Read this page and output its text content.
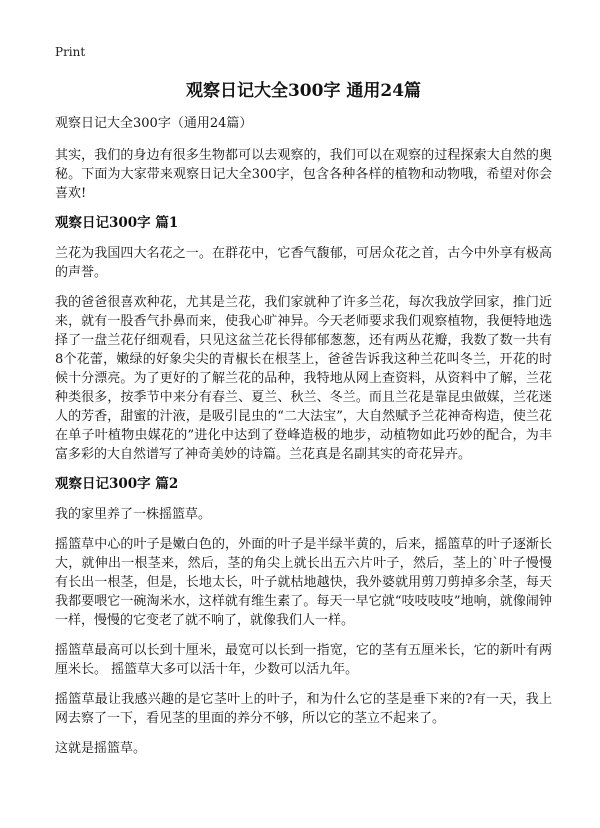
Print
观察日记大全300字 通用24篇
观察日记大全300字（通用24篇）

其实，我们的身边有很多生物都可以去观察的，我们可以在观察的过程探索大自然的奥秘。下面为大家带来观察日记大全300字，包含各种各样的植物和动物哦，希望对你会喜欢!

观察日记300字 篇1

兰花为我国四大名花之一。在群花中，它香气馥郁，可居众花之首，古今中外享有极高的声誉。

我的爸爸很喜欢种花，尤其是兰花，我们家就种了许多兰花，每次我放学回家，推门近来，就有一股香气扑鼻而来，使我心旷神异。今天老师要求我们观察植物，我便特地选择了一盘兰花仔细观看，只见这盆兰花长得郁郁葱葱，还有两丛花瓣，我数了数一共有8个花蕾，嫩绿的好象尖尖的青椒长在根茎上，爸爸告诉我这种兰花叫冬兰，开花的时候十分漂亮。为了更好的了解兰花的品种，我特地从网上查资料，从资料中了解，兰花种类很多，按季节中来分有春兰、夏兰、秋兰、冬兰。而且兰花是靠昆虫做媒，兰花迷人的芳香，甜蜜的汁液，是吸引昆虫的“二大法宝”，大自然赋予兰花神奇构造，使兰花在单子叶植物虫媒花的”进化中达到了登峰造极的地步，动植物如此巧妙的配合，为丰富多彩的大自然谱写了神奇美妙的诗篇。兰花真是名副其实的奇花异卉。

观察日记300字 篇2

我的家里养了一株摇篮草。

摇篮草中心的叶子是嫩白色的，外面的叶子是半绿半黄的，后来，摇篮草的叶子逐渐长大，就伸出一根茎来，然后，茎的角尖上就长出五六片叶子，然后，茎上的`叶子慢慢有长出一根茎，但是，长地太长，叶子就枯地越快，我外婆就用剪刀剪掉多余茎，每天我都要喂它一碗淘米水，这样就有维生素了。每天一早它就“吱吱吱吱”地响，就像闹钟一样，慢慢的它变老了就不响了，就像我们人一样。

摇篮草最高可以长到十厘米，最宽可以长到一指宽，它的茎有五厘米长，它的新叶有两厘米长。 摇篮草大多可以活十年，少数可以活九年。

摇篮草最让我感兴趣的是它茎叶上的叶子，和为什么它的茎是垂下来的?有一天，我上网去察了一下，看见茎的里面的养分不够，所以它的茎立不起来了。

这就是摇篮草。
